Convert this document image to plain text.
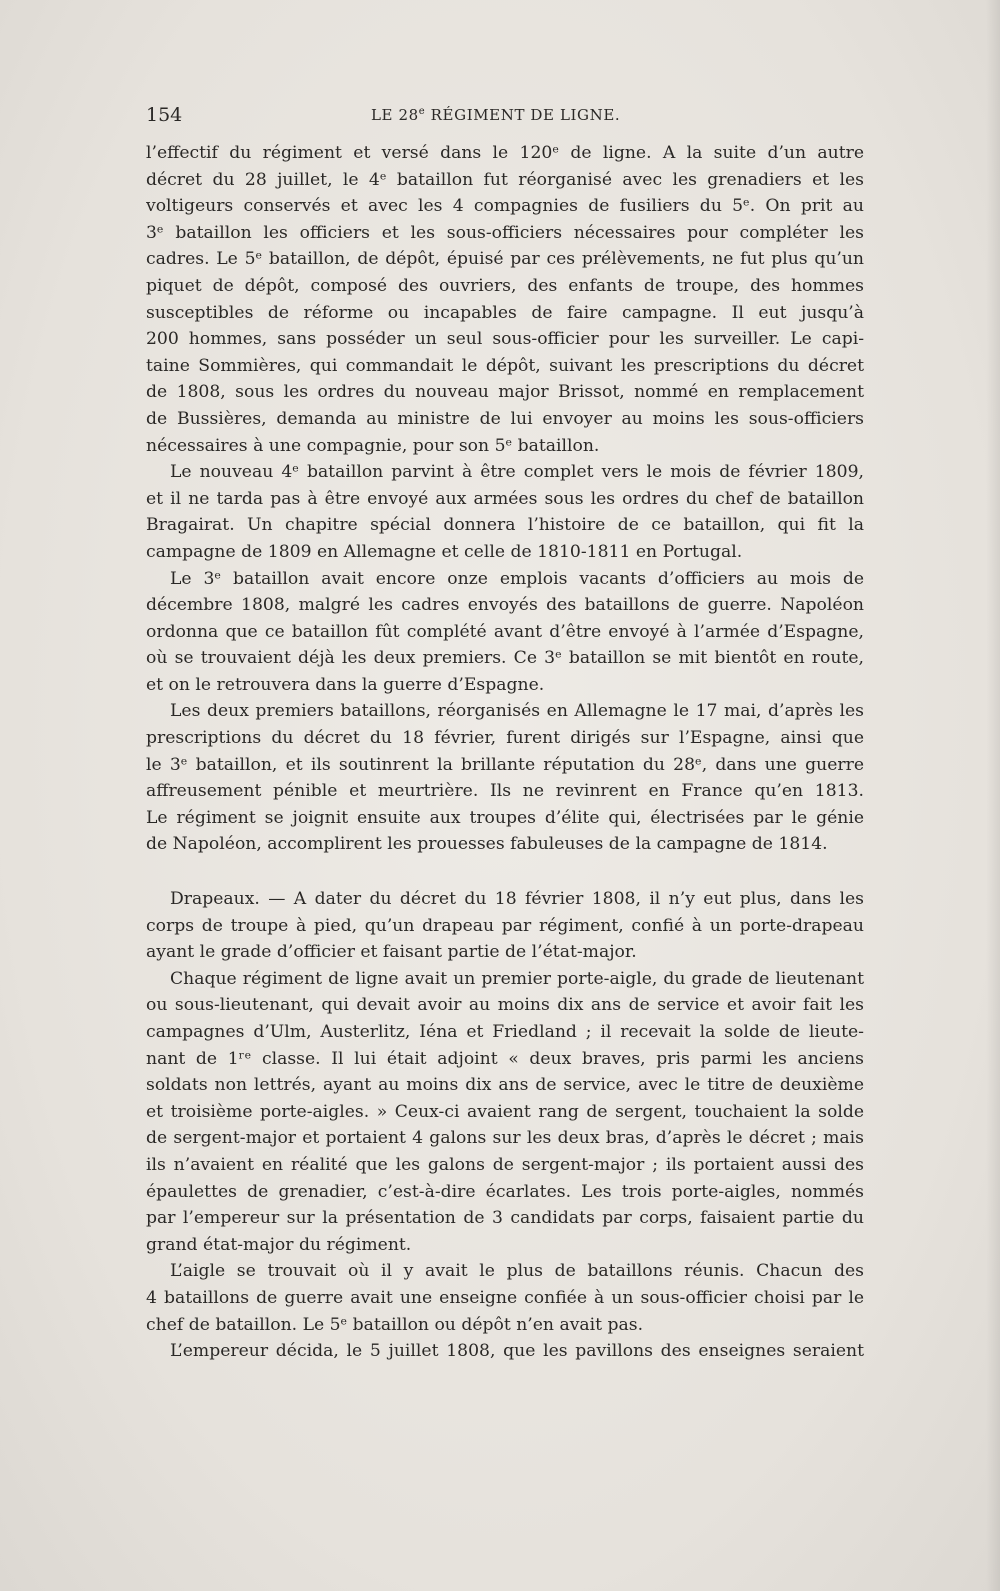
154	LE 28e RÉGIMENT DE LIGNE.
l’effectif du régiment et versé dans le 120ᵉ de ligne. A la suite d’un autre
décret du 28 juillet, le 4ᵉ bataillon fut réorganisé avec les grenadiers et les
voltigeurs conservés et avec les 4 compagnies de fusiliers du 5ᵉ. On prit au
3ᵉ bataillon les officiers et les sous-officiers nécessaires pour compléter les
cadres. Le 5ᵉ bataillon, de dépôt, épuisé par ces prélèvements, ne fut plus qu’un
piquet de dépôt, composé des ouvriers, des enfants de troupe, des hommes
susceptibles de réforme ou incapables de faire campagne. Il eut jusqu’à
200 hommes, sans posséder un seul sous-officier pour les surveiller. Le capi-
taine Sommières, qui commandait le dépôt, suivant les prescriptions du décret
de 1808, sous les ordres du nouveau major Brissot, nommé en remplacement
de Bussières, demanda au ministre de lui envoyer au moins les sous-officiers
nécessaires à une compagnie, pour son 5ᵉ bataillon.
Le nouveau 4ᵉ bataillon parvint à être complet vers le mois de février 1809,
et il ne tarda pas à être envoyé aux armées sous les ordres du chef de bataillon
Bragairat. Un chapitre spécial donnera l’histoire de ce bataillon, qui fit la
campagne de 1809 en Allemagne et celle de 1810-1811 en Portugal.
Le 3ᵉ bataillon avait encore onze emplois vacants d’officiers au mois de
décembre 1808, malgré les cadres envoyés des bataillons de guerre. Napoléon
ordonna que ce bataillon fût complété avant d’être envoyé à l’armée d’Espagne,
où se trouvaient déjà les deux premiers. Ce 3ᵉ bataillon se mit bientôt en route,
et on le retrouvera dans la guerre d’Espagne.
Les deux premiers bataillons, réorganisés en Allemagne le 17 mai, d’après les
prescriptions du décret du 18 février, furent dirigés sur l’Espagne, ainsi que
le 3ᵉ bataillon, et ils soutinrent la brillante réputation du 28ᵉ, dans une guerre
affreusement pénible et meurtrière. Ils ne revinrent en France qu’en 1813.
Le régiment se joignit ensuite aux troupes d’élite qui, électrisées par le génie
de Napoléon, accomplirent les prouesses fabuleuses de la campagne de 1814.
Drapeaux. — A dater du décret du 18 février 1808, il n’y eut plus, dans les
corps de troupe à pied, qu’un drapeau par régiment, confié à un porte-drapeau
ayant le grade d’officier et faisant partie de l’état-major.
Chaque régiment de ligne avait un premier porte-aigle, du grade de lieutenant
ou sous-lieutenant, qui devait avoir au moins dix ans de service et avoir fait les
campagnes d’Ulm, Austerlitz, Iéna et Friedland ; il recevait la solde de lieute-
nant de 1ʳᵉ classe. Il lui était adjoint « deux braves, pris parmi les anciens
soldats non lettrés, ayant au moins dix ans de service, avec le titre de deuxième
et troisième porte-aigles. » Ceux-ci avaient rang de sergent, touchaient la solde
de sergent-major et portaient 4 galons sur les deux bras, d’après le décret ; mais
ils n’avaient en réalité que les galons de sergent-major ; ils portaient aussi des
épaulettes de grenadier, c’est-à-dire écarlates. Les trois porte-aigles, nommés
par l’empereur sur la présentation de 3 candidats par corps, faisaient partie du
grand état-major du régiment.
L’aigle se trouvait où il y avait le plus de bataillons réunis. Chacun des
4 bataillons de guerre avait une enseigne confiée à un sous-officier choisi par le
chef de bataillon. Le 5ᵉ bataillon ou dépôt n’en avait pas.
L’empereur décida, le 5 juillet 1808, que les pavillons des enseignes seraient
